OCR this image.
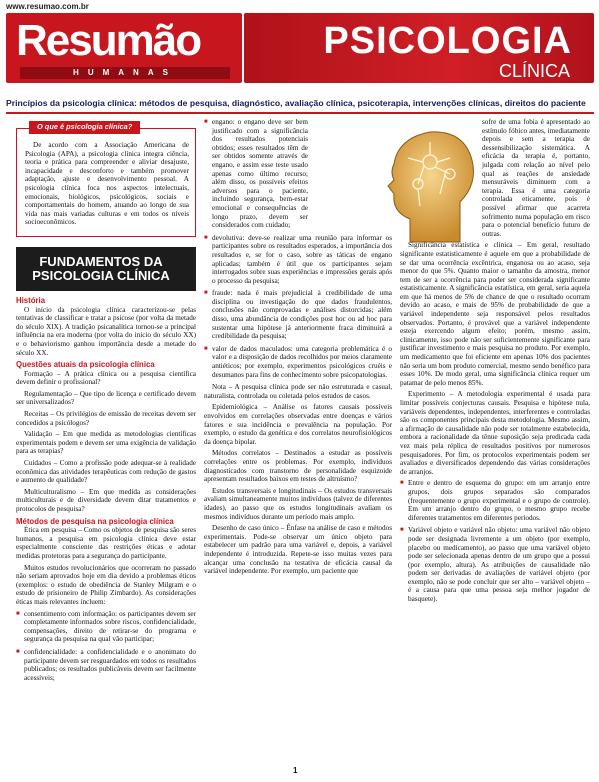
www.resumao.com.br
Resumão
HUMANAS
PSICOLOGIA
CLÍNICA
Princípios da psicologia clínica: métodos de pesquisa, diagnóstico, avaliação clínica, psicoterapia, intervenções clínicas, direitos do paciente
O que é psicologia clínica?

De acordo com a Associação Americana de Psicologia (APA), a psicologia clínica integra ciência, teoria e prática para compreender e aliviar desajuste, incapacidade e desconforto e também promover adaptação, ajuste e desenvolvimento pessoal. A psicologia clínica foca nos aspectos intelectuais, emocionais, biológicos, psicológicos, sociais e comportamentais do homem, atuando ao longo de sua vida nas mais variadas culturas e em todos os níveis socioeconômicos.

FUNDAMENTOS DA PSICOLOGIA CLÍNICA
História

O início da psicologia clínica caracterizou-se pelas tentativas de classificar e tratar a psicose (por volta da metade do século XIX). A tradição psicanalítica tornou-se a principal influência na era moderna (por volta do início do século XX) e o behaviorismo ganhou importância desde a metade do século XX.

Questões atuais da psicologia clínica

Formação – A prática clínica ou a pesquisa científica devem definir o profissional?

Regulamentação – Que tipo de licença e certificado devem ser universalizados?

Receitas – Os privilégios de emissão de receitas devem ser concedidos a psicólogos?

Validação – Em que medida as metodologias científicas experimentais podem e devem ser uma exigência de validação para as terapias?

Cuidados – Como a profissão pode adequar-se à realidade econômica das atividades terapêuticas com redução de gastos e aumento de qualidade?

Multiculturalismo – Em que medida as considerações multiculturais e de diversidade devem ditar tratamentos e protocolos de pesquisa?

Métodos de pesquisa na psicologia clínica

Ética em pesquisa – Como os objetos de pesquisa são seres humanos, a pesquisa em psicologia clínica deve estar especialmente consciente das restrições éticas e adotar medidas protetoras para a segurança do participante.

Muitos estudos revolucionários que ocorreram no passado não seriam aprovados hoje em dia devido a problemas éticos (exemplos: o estudo de obediência de Stanley Milgram e o estudo de prisioneiro de Philip Zimbardo). As considerações éticas mais relevantes incluem:

■ consentimento com informação: os participantes devem ser completamente informados sobre riscos, confidencialidade, compensações, direito de retirar-se do programa e segurança da pesquisa na qual vão participar;
■ confidencialidade: a confidencialidade e o anonimato do participante devem ser resguardados em todos os resultados publicados; os resultados publicáveis devem ser facilmente acessíveis;
■ engano: o engano deve ser bem justificado com a significância dos resultados potenciais obtidos; esses resultados têm de ser obtidos somente através de engano, e assim esse teste usado apenas como último recurso; além disso, os possíveis efeitos adversos para o paciente, incluindo segurança, bem-estar emocional e consequências de longo prazo, devem ser considerados com cuidado;
■ devolutiva: deve-se realizar uma reunião para informar os participantes sobre os resultados esperados, a importância dos resultados e, se for o caso, sobre as táticas de engano aplicadas; também é útil que os participantes sejam interrogados sobre suas experiências e impressões gerais após o processo da pesquisa;
■ fraude: nada é mais prejudicial à credibilidade de uma disciplina ou investigação do que dados fraudulentos, conclusões não comprovadas e análises distorcidas; além disso, uma abundância de condições post hoc ou ad hoc para sustentar uma hipótese já anteriormente fraca diminuirá a credibilidade da pesquisa;
■ valor de dados maculados: uma categoria problemática é o valor e a disposição de dados recolhidos por meios claramente antiéticos; por exemplo, experimentos psicológicos cruéis e desumanos para fins de conhecimento sobre psicopatologias.

Nota – A pesquisa clínica pode ser não estruturada e casual, naturalista, controlada ou coletada pelos estudos de casos.

Epidemiológica – Análise os fatores causais possíveis envolvidos em correlações observadas entre doenças e vários fatores e sua incidência e prevalência na população. Por exemplo, o estudo da genética e dos correlatos neurofisiológicos da doença bipolar.

Métodos correlatos – Destinados a estudar as possíveis correlações entre os problemas. Por exemplo, indivíduos diagnosticados com transtorno de personalidade esquizoide apresentam resultados baixos em testes de altruísmo?

Estudos transversais e longitudinais – Os estudos transversais avaliam simultaneamente muitos indivíduos (talvez de diferentes idades), ao passo que os estudos longitudinais avaliam os mesmos indivíduos durante um período mais amplo.

Desenho de caso único – Ênfase na análise de caso e métodos experimentais. Pode-se observar um único objeto para estabelecer um padrão para uma variável e, depois, a variável independente é introduzida. Repete-se isso muitas vezes para alcançar uma conclusão na testativa de eficácia causal da variável independente. Por exemplo, um paciente que

sofre de uma fobia é apresentado ao estímulo fóbico antes, imediatamente depois e sem a terapia de dessensibilização sistemática. A eficácia da terapia é, portanto, julgada com relação ao nível pelo qual as reações de ansiedade mensuráveis diminuem com a terapia. Essa é uma categoria controlada eticamente, pois é possível afirmar que acarreta sofrimento numa população em risco para o potencial benefício futuro de outras.

Significância estatística e clínica – Em geral, resultado significante estatisticamente é aquele em que a probabilidade de se dar uma ocorrência excêntrica, enganosa ou ao acaso, seja menor do que 5%. Quanto maior o tamanho da amostra, menor tem de ser a ocorrência para poder ser considerada significante estatisticamente. A significância estatística, em geral, seria aquela em que há menos de 5% de chance de que o resultado ocorram devido ao acaso, e mais de 95% de probabilidade de que a variável independente seja responsável pelos resultados observados. Portanto, é provável que a variável independente esteja exercendo algum efeito; porém, mesmo assim, clinicamente, isso pode não ser suficientemente significante para justificar investimento e mais pesquisa no produto. Por exemplo, um medicamento que foi eficiente em apenas 10% dos pacientes não seria um bom produto comercial, mesmo sendo benéfico para esses 10%. De modo geral, uma significância clínica requer um patamar de pelo menos 85%.

Experimento – A metodologia experimental é usada para limitar possíveis conjecturas causais. Pesquisa e hipótese nula, variáveis dependentes, independentes, interferentes e controladas são os componentes principais desta metodologia. Mesmo assim, a afirmação de causalidade não pode ser totalmente estabelecida, embora a racionalidade da tênue suposição seja predicada cada vez mais pela réplica de resultados positivos por numerosos pesquisadores. Por fim, os protocolos experimentais podem ser avaliados e diversificados dependendo das várias considerações de arranjos.

■ Entre e dentro de esquema do grupo: em um arranjo entre grupos, dois grupos separados são comparados (frequentemente o grupo experimental e o grupo de controle). Em um arranjo dentro do grupo, o mesmo grupo recebe diferentes tratamentos em diferentes períodos.
■ Variável objeto e variável não objeto: uma variável não objeto pode ser designada livremente a um objeto (por exemplo, placebo ou medicamento), ao passo que uma variável objeto pode ser selecionada apenas dentro de um grupo que a possui (por exemplo, altura). As atribuições de causalidade não podem ser derivadas de avaliações de variável objeto (por exemplo, não se pode concluir que ser alto – variável objeto – é a causa para que uma pessoa seja melhor jogador de basquete).
1
